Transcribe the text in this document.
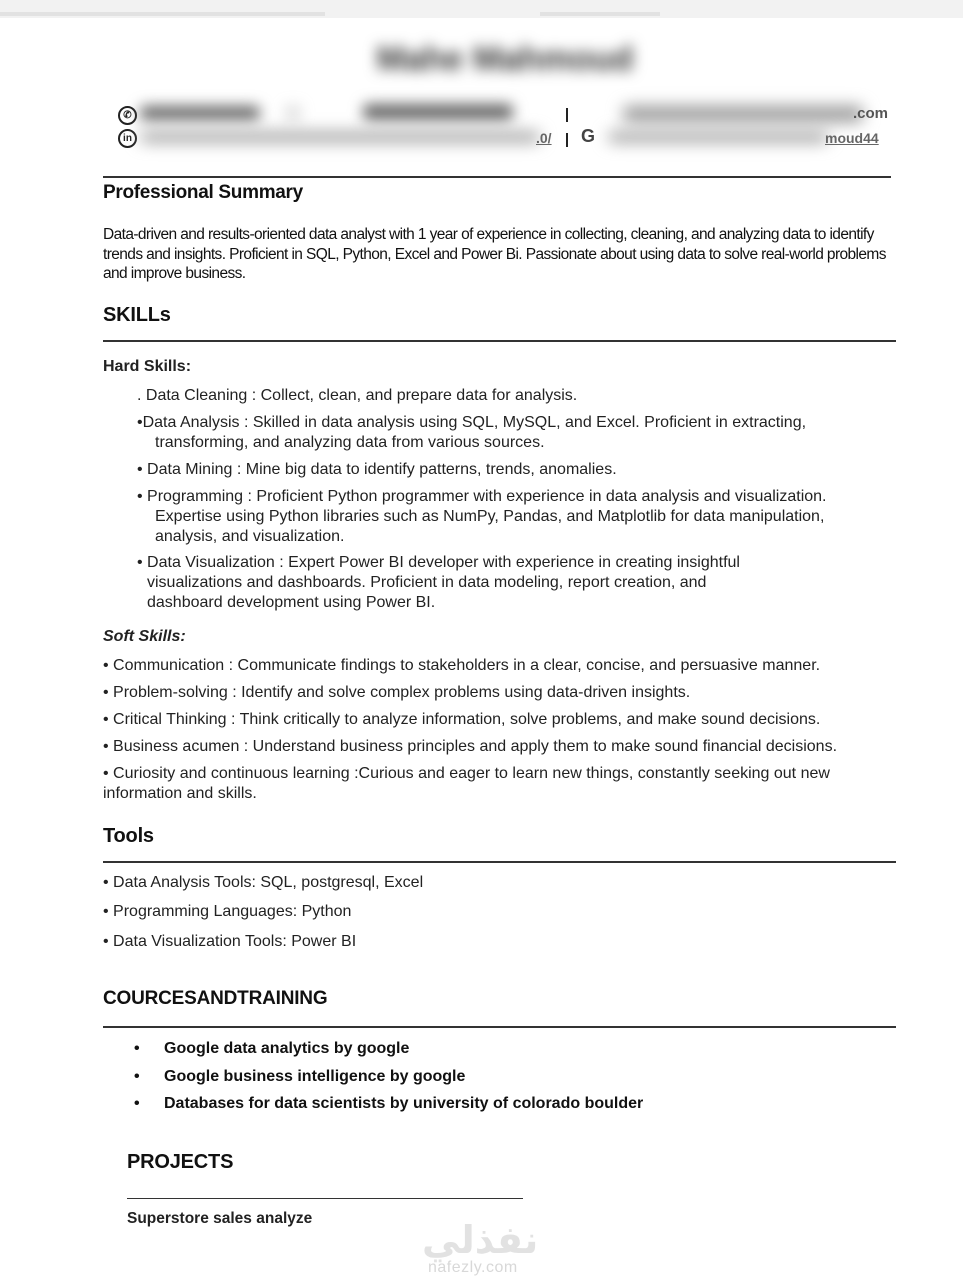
Mahe Mahmoud
✆	.com
in	.0/ G	moud44
Professional Summary
Data-driven and results-oriented data analyst with 1 year of experience in collecting, cleaning, and analyzing data to identify trends and insights. Proficient in SQL, Python, Excel and Power Bi. Passionate about using data to solve real-world problems and improve business.
SKILLs
Hard Skills:
. Data Cleaning : Collect, clean, and prepare data for analysis.
•Data Analysis : Skilled in data analysis using SQL, MySQL, and Excel. Proficient in extracting,
transforming, and analyzing data from various sources.
• Data Mining : Mine big data to identify patterns, trends, anomalies.
• Programming : Proficient Python programmer with experience in data analysis and visualization.
Expertise using Python libraries such as NumPy, Pandas, and Matplotlib for data manipulation, analysis, and visualization.
• Data Visualization : Expert Power BI developer with experience in creating insightful
visualizations and dashboards. Proficient in data modeling, report creation, and dashboard development using Power BI.
Soft Skills:
• Communication : Communicate findings to stakeholders in a clear, concise, and persuasive manner.
• Problem-solving : Identify and solve complex problems using data-driven insights.
• Critical Thinking : Think critically to analyze information, solve problems, and make sound decisions.
• Business acumen : Understand business principles and apply them to make sound financial decisions.
• Curiosity and continuous learning :Curious and eager to learn new things, constantly seeking out new information and skills.
Tools
• Data Analysis Tools: SQL, postgresql, Excel
• Programming Languages: Python
• Data Visualization Tools: Power BI
COURCESANDTRAINING
• Google data analytics by google
• Google business intelligence by google
• Databases for data scientists by university of colorado boulder
PROJECTS
Superstore sales analyze	نفذلي
nafezly.com
